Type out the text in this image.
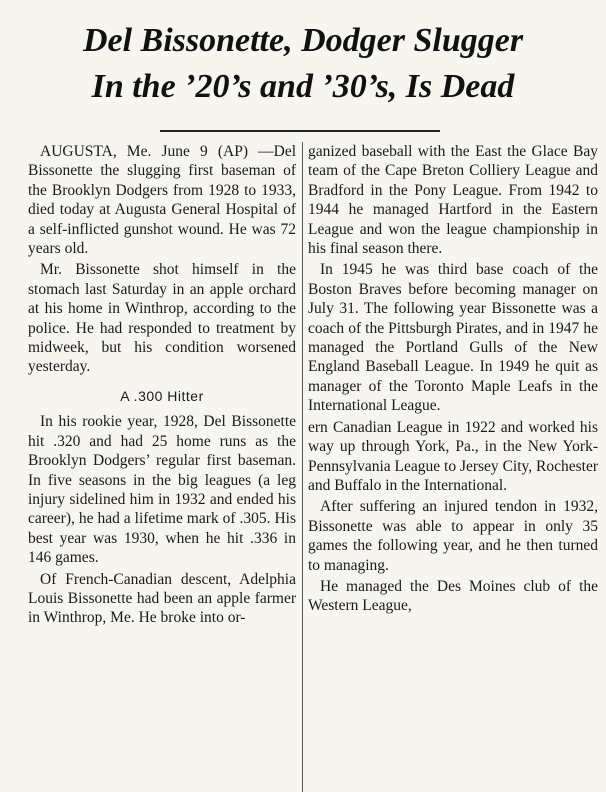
Del Bissonette, Dodger Slugger
In the ’20’s and ’30’s, Is Dead

AUGUSTA, Me. June 9 (AP) —Del Bissonette the slugging first baseman of the Brooklyn Dodgers from 1928 to 1933, died today at Augusta General Hospital of a self-inflicted gunshot wound. He was 72 years old.

Mr. Bissonette shot himself in the stomach last Saturday in an apple orchard at his home in Winthrop, according to the police. He had responded to treatment by midweek, but his condition worsened yesterday.

A .300 Hitter

In his rookie year, 1928, Del Bissonette hit .320 and had 25 home runs as the Brooklyn Dodgers’ regular first baseman. In five seasons in the big leagues (a leg injury sidelined him in 1932 and ended his career), he had a lifetime mark of .305. His best year was 1930, when he hit .336 in 146 games.

Of French-Canadian descent, Adelphia Louis Bissonette had been an apple farmer in Winthrop, Me. He broke into or-

ganized baseball with the East the Glace Bay team of the Cape Breton Colliery League and Bradford in the Pony League. From 1942 to 1944 he managed Hartford in the Eastern League and won the league championship in his final season there.

In 1945 he was third base coach of the Boston Braves before becoming manager on July 31. The following year Bissonette was a coach of the Pittsburgh Pirates, and in 1947 he managed the Portland Gulls of the New England Baseball League. In 1949 he quit as manager of the Toronto Maple Leafs in the International League.

ern Canadian League in 1922 and worked his way up through York, Pa., in the New York-Pennsylvania League to Jersey City, Rochester and Buffalo in the International.

After suffering an injured tendon in 1932, Bissonette was able to appear in only 35 games the following year, and he then turned to managing.

He managed the Des Moines club of the Western League,
